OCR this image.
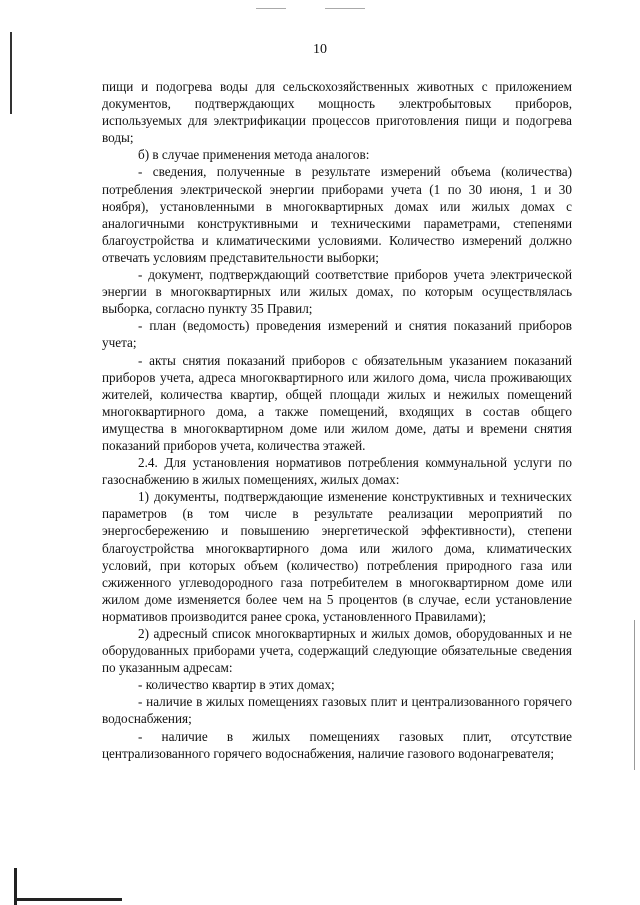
10

пищи и подогрева воды для сельскохозяйственных животных с приложением документов, подтверждающих мощность электробытовых приборов, используемых для электрификации процессов приготовления пищи и подогрева воды;

б) в случае применения метода аналогов:

- сведения, полученные в результате измерений объема (количества) потребления электрической энергии приборами учета (1 по 30 июня, 1 и 30 ноября), установленными в многоквартирных домах или жилых домах с аналогичными конструктивными и техническими параметрами, степенями благоустройства и климатическими условиями. Количество измерений должно отвечать условиям представительности выборки;

- документ, подтверждающий соответствие приборов учета электрической энергии в многоквартирных или жилых домах, по которым осуществлялась выборка, согласно пункту 35 Правил;

- план (ведомость) проведения измерений и снятия показаний приборов учета;

- акты снятия показаний приборов с обязательным указанием показаний приборов учета, адреса многоквартирного или жилого дома, числа проживающих жителей, количества квартир, общей площади жилых и нежилых помещений многоквартирного дома, а также помещений, входящих в состав общего имущества в многоквартирном доме или жилом доме, даты и времени снятия показаний приборов учета, количества этажей.

2.4. Для установления нормативов потребления коммунальной услуги по газоснабжению в жилых помещениях, жилых домах:

1) документы, подтверждающие изменение конструктивных и технических параметров (в том числе в результате реализации мероприятий по энергосбережению и повышению энергетической эффективности), степени благоустройства многоквартирного дома или жилого дома, климатических условий, при которых объем (количество) потребления природного газа или сжиженного углеводородного газа потребителем в многоквартирном доме или жилом доме изменяется более чем на 5 процентов (в случае, если установление нормативов производится ранее срока, установленного Правилами);

2) адресный список многоквартирных и жилых домов, оборудованных и не оборудованных приборами учета, содержащий следующие обязательные сведения по указанным адресам:

- количество квартир в этих домах;

- наличие в жилых помещениях газовых плит и централизованного горячего водоснабжения;

- наличие в жилых помещениях газовых плит, отсутствие централизованного горячего водоснабжения, наличие газового водонагревателя;
